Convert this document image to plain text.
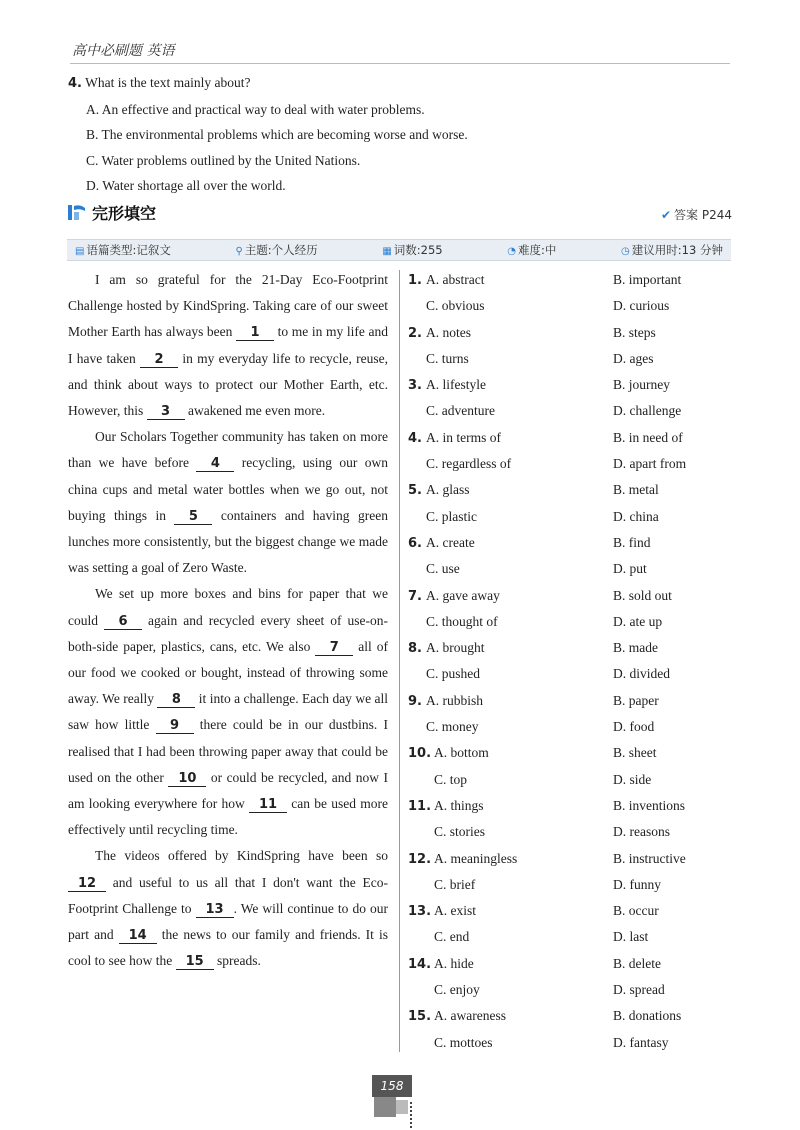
高中必刷题 英语
4. What is the text mainly about?
A. An effective and practical way to deal with water problems.
B. The environmental problems which are becoming worse and worse.
C. Water problems outlined by the United Nations.
D. Water shortage all over the world.
完形填空	✔ 答案 P244
▤ 语篇类型:记叙文	⚲ 主题:个人经历	▦ 词数:255	◔ 难度:中	◷ 建议用时:13 分钟

I am so grateful for the 21-Day Eco-Footprint Challenge hosted by KindSpring. Taking care of our sweet Mother Earth has always been 1 to me in my life and I have taken 2 in my everyday life to recycle, reuse, and think about ways to protect our Mother Earth, etc. However, this 3 awakened me even more.

Our Scholars Together community has taken on more than we have before 4 recycling, using our own china cups and metal water bottles when we go out, not buying things in 5 containers and having green lunches more consistently, but the biggest change we made was setting a goal of Zero Waste.

We set up more boxes and bins for paper that we could 6 again and recycled every sheet of use-on-both-side paper, plastics, cans, etc. We also 7 all of our food we cooked or bought, instead of throwing some away. We really 8 it into a challenge. Each day we all saw how little 9 there could be in our dustbins. I realised that I had been throwing paper away that could be used on the other 10 or could be recycled, and now I am looking everywhere for how 11 can be used more effectively until recycling time.

The videos offered by KindSpring have been so 12 and useful to us all that I don't want the Eco-Footprint Challenge to 13 . We will continue to do our part and 14 the news to our family and friends. It is cool to see how the 15 spreads.

1. A. abstract	B. important
C. obvious	D. curious
2. A. notes	B. steps
C. turns	D. ages
3. A. lifestyle	B. journey
C. adventure	D. challenge
4. A. in terms of	B. in need of
C. regardless of	D. apart from
5. A. glass	B. metal
C. plastic	D. china
6. A. create	B. find
C. use	D. put
7. A. gave away	B. sold out
C. thought of	D. ate up
8. A. brought	B. made
C. pushed	D. divided
9. A. rubbish	B. paper
C. money	D. food
10. A. bottom	B. sheet
C. top	D. side
11. A. things	B. inventions
C. stories	D. reasons
12. A. meaningless	B. instructive
C. brief	D. funny
13. A. exist	B. occur
C. end	D. last
14. A. hide	B. delete
C. enjoy	D. spread
15. A. awareness	B. donations
C. mottoes	D. fantasy
158
